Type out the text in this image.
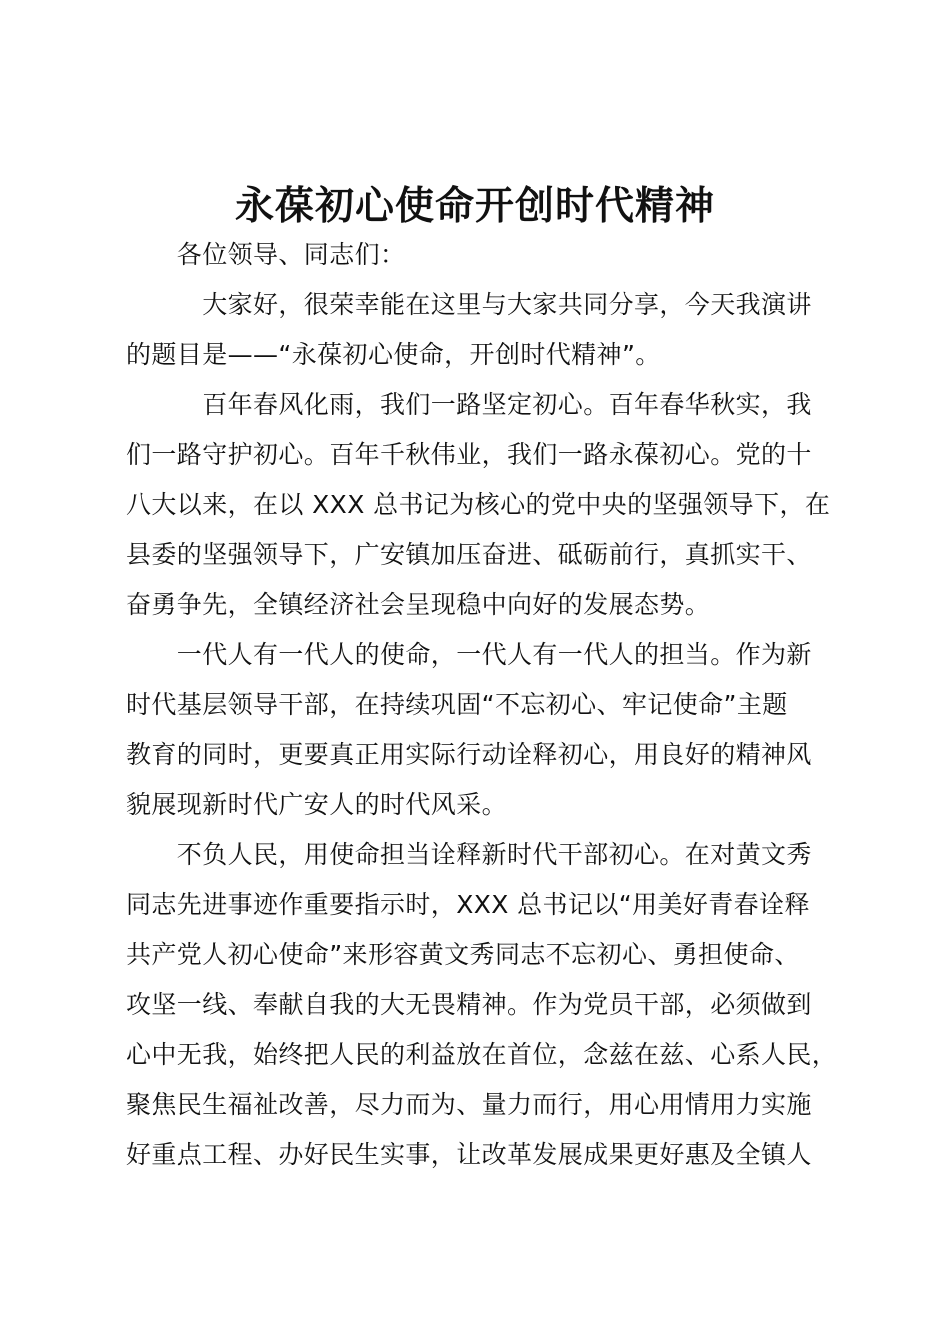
永葆初心使命开创时代精神
　　各位领导、同志们：
　　　大家好，很荣幸能在这里与大家共同分享，今天我演讲
的题目是——“永葆初心使命，开创时代精神”。
　　　百年春风化雨，我们一路坚定初心。百年春华秋实，我
们一路守护初心。百年千秋伟业，我们一路永葆初心。党的十
八大以来，在以 XXX 总书记为核心的党中央的坚强领导下，在
县委的坚强领导下，广安镇加压奋进、砥砺前行，真抓实干、
奋勇争先，全镇经济社会呈现稳中向好的发展态势。
　　一代人有一代人的使命，一代人有一代人的担当。作为新
时代基层领导干部，在持续巩固“不忘初心、牢记使命”主题
教育的同时，更要真正用实际行动诠释初心，用良好的精神风
貌展现新时代广安人的时代风采。
　　不负人民，用使命担当诠释新时代干部初心。在对黄文秀
同志先进事迹作重要指示时，XXX 总书记以“用美好青春诠释
共产党人初心使命”来形容黄文秀同志不忘初心、勇担使命、
攻坚一线、奉献自我的大无畏精神。作为党员干部，必须做到
心中无我，始终把人民的利益放在首位，念兹在兹、心系人民，
聚焦民生福祉改善，尽力而为、量力而行，用心用情用力实施
好重点工程、办好民生实事，让改革发展成果更好惠及全镇人
